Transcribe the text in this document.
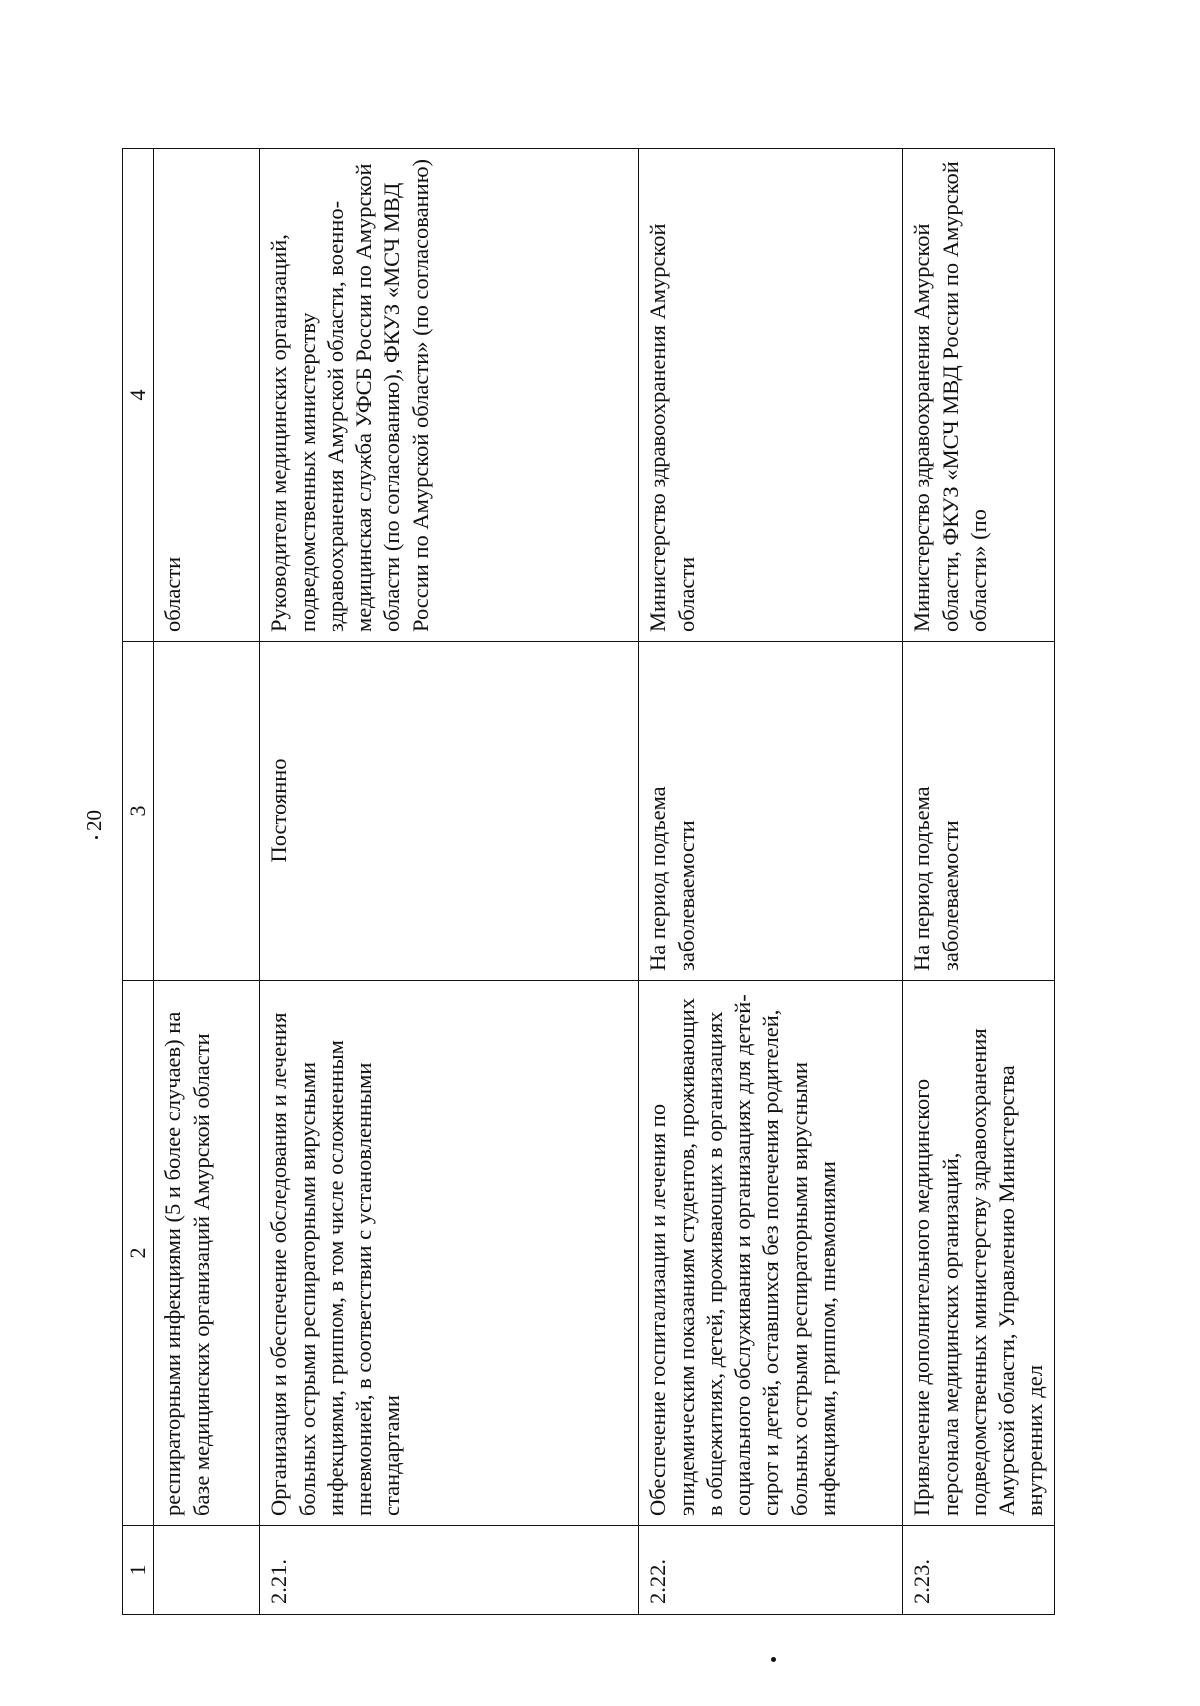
20
1	2	3	4
	респираторными инфекциями (5 и более случаев) на базе медицинских организаций Амурской области		области
2.21.	Организация и обеспечение обследования и лечения больных острыми респираторными вирусными инфекциями, гриппом, в том числе осложненным пневмонией, в соответствии с установленными стандартами	Постоянно	Руководители медицинских организаций, подведомственных министерству здравоохранения Амурской области, военно-медицинская служба УФСБ России по Амурской области (по согласованию), ФКУЗ «МСЧ МВД России по Амурской области» (по согласованию)
2.22.	Обеспечение госпитализации и лечения по эпидемическим показаниям студентов, проживающих в общежитиях, детей, проживающих в организациях социального обслуживания и организациях для детей-сирот и детей, оставшихся без попечения родителей, больных острыми респираторными вирусными инфекциями, гриппом, пневмониями	На период подъема заболеваемости	Министерство здравоохранения Амурской области
2.23.	Привлечение дополнительного медицинского персонала медицинских организаций, подведомственных министерству здравоохранения Амурской области, Управлению Министерства внутренних дел	На период подъема заболеваемости	Министерство здравоохранения Амурской области, ФКУЗ «МСЧ МВД России по Амурской области» (по
